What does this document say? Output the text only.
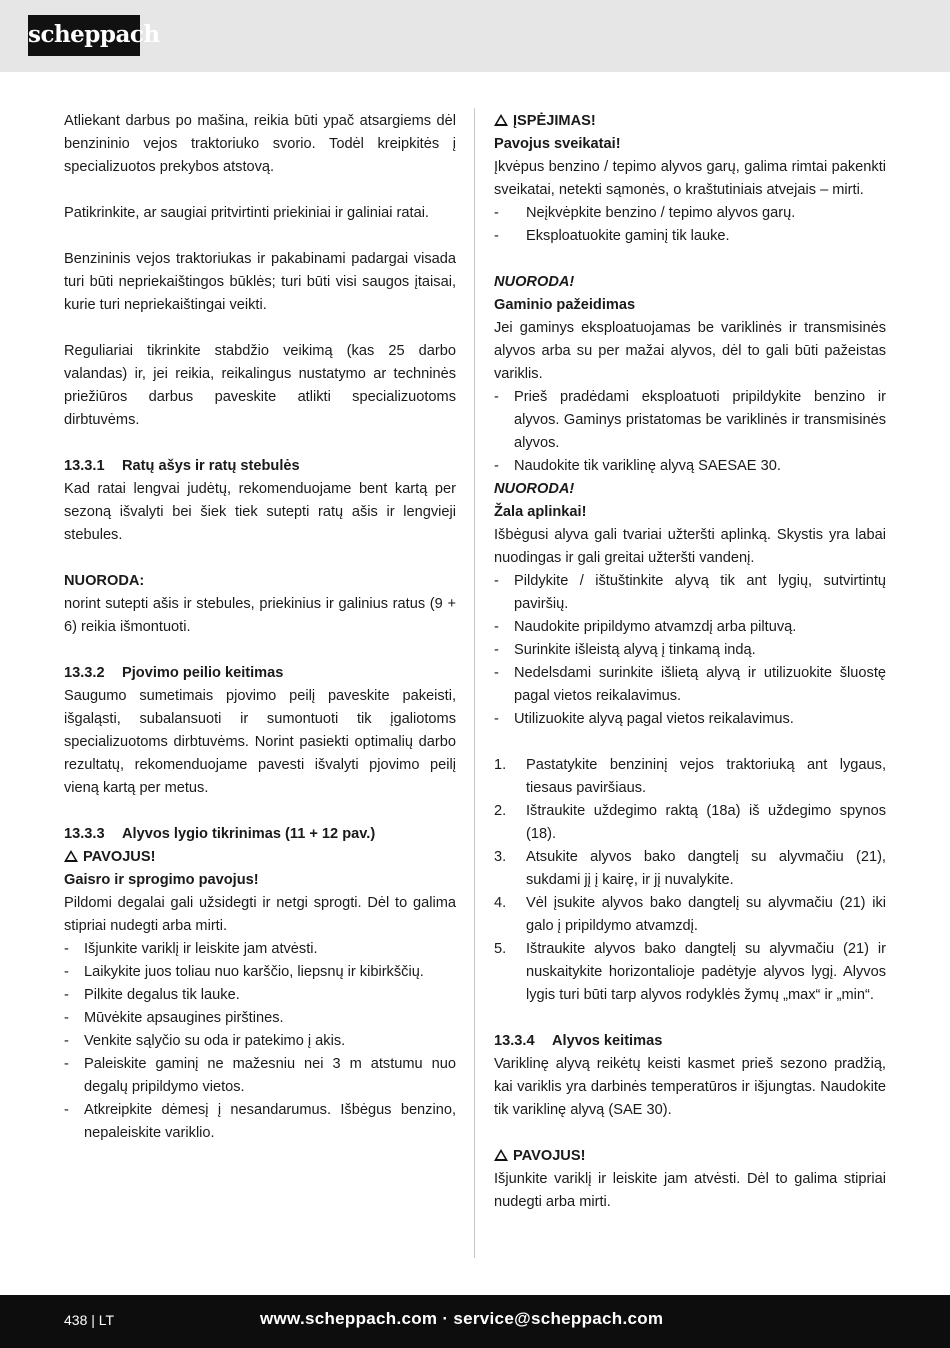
scheppach

Atliekant darbus po mašina, reikia būti ypač atsargiems dėl benzininio vejos traktoriuko svorio. Todėl kreipkitės į specializuotos prekybos atstovą.

Patikrinkite, ar saugiai pritvirtinti priekiniai ir galiniai ratai.

Benzininis vejos traktoriukas ir pakabinami padargai visada turi būti nepriekaištingos būklės; turi būti visi saugos įtaisai, kurie turi nepriekaištingai veikti.

Reguliariai tikrinkite stabdžio veikimą (kas 25 darbo valandas) ir, jei reikia, reikalingus nustatymo ar techninės priežiūros darbus paveskite atlikti specializuotoms dirbtuvėms.

13.3.1 Ratų ašys ir ratų stebulės

Kad ratai lengvai judėtų, rekomenduojame bent kartą per sezoną išvalyti bei šiek tiek sutepti ratų ašis ir lengvieji stebules.

NUORODA:

norint sutepti ašis ir stebules, priekinius ir galinius ratus (9 + 6) reikia išmontuoti.

13.3.2 Pjovimo peilio keitimas

Saugumo sumetimais pjovimo peilį paveskite pakeisti, išgaląsti, subalansuoti ir sumontuoti tik įgaliotoms specializuotoms dirbtuvėms. Norint pasiekti optimalių darbo rezultatų, rekomenduojame pavesti išvalyti pjovimo peilį vieną kartą per metus.

13.3.3 Alyvos lygio tikrinimas (11 + 12 pav.)

PAVOJUS!

Gaisro ir sprogimo pavojus!

Pildomi degalai gali užsidegti ir netgi sprogti. Dėl to galima stipriai nudegti arba mirti.

- Išjunkite variklį ir leiskite jam atvėsti.
- Laikykite juos toliau nuo karščio, liepsnų ir kibirkščių.
- Pilkite degalus tik lauke.
- Mūvėkite apsaugines pirštines.
- Venkite sąlyčio su oda ir patekimo į akis.
- Paleiskite gaminį ne mažesniu nei 3 m atstumu nuo degalų pripildymo vietos.
- Atkreipkite dėmesį į nesandarumus. Išbėgus benzino, nepaleiskite variklio.

ĮSPĖJIMAS!

Pavojus sveikatai!

Įkvėpus benzino / tepimo alyvos garų, galima rimtai pakenkti sveikatai, netekti sąmonės, o kraštutiniais atvejais – mirti.

- Neįkvėpkite benzino / tepimo alyvos garų.
- Eksploatuokite gaminį tik lauke.

NUORODA!

Gaminio pažeidimas

Jei gaminys eksploatuojamas be variklinės ir transmisinės alyvos arba su per mažai alyvos, dėl to gali būti pažeistas variklis.

- Prieš pradėdami eksploatuoti pripildykite benzino ir alyvos. Gaminys pristatomas be variklinės ir transmisinės alyvos.
- Naudokite tik variklinę alyvą SAESAE 30.

NUORODA!

Žala aplinkai!

Išbėgusi alyva gali tvariai užteršti aplinką. Skystis yra labai nuodingas ir gali greitai užteršti vandenį.

- Pildykite / ištuštinkite alyvą tik ant lygių, sutvirtintų paviršių.
- Naudokite pripildymo atvamzdį arba piltuvą.
- Surinkite išleistą alyvą į tinkamą indą.
- Nedelsdami surinkite išlietą alyvą ir utilizuokite šluostę pagal vietos reikalavimus.
- Utilizuokite alyvą pagal vietos reikalavimus.
1. Pastatykite benzininį vejos traktoriuką ant lygaus, tiesaus paviršiaus.
2. Ištraukite uždegimo raktą (18a) iš uždegimo spynos (18).
3. Atsukite alyvos bako dangtelį su alyvmačiu (21), sukdami jį į kairę, ir jį nuvalykite.
4. Vėl įsukite alyvos bako dangtelį su alyvmačiu (21) iki galo į pripildymo atvamzdį.
5. Ištraukite alyvos bako dangtelį su alyvmačiu (21) ir nuskaitykite horizontalioje padėtyje alyvos lygį. Alyvos lygis turi būti tarp alyvos rodyklės žymų „max“ ir „min“.

13.3.4 Alyvos keitimas

Variklinę alyvą reikėtų keisti kasmet prieš sezono pradžią, kai variklis yra darbinės temperatūros ir išjungtas. Naudokite tik variklinę alyvą (SAE 30).

PAVOJUS!

Išjunkite variklį ir leiskite jam atvėsti. Dėl to galima stipriai nudegti arba mirti.

438 | LT	www.scheppach.com · service@scheppach.com
